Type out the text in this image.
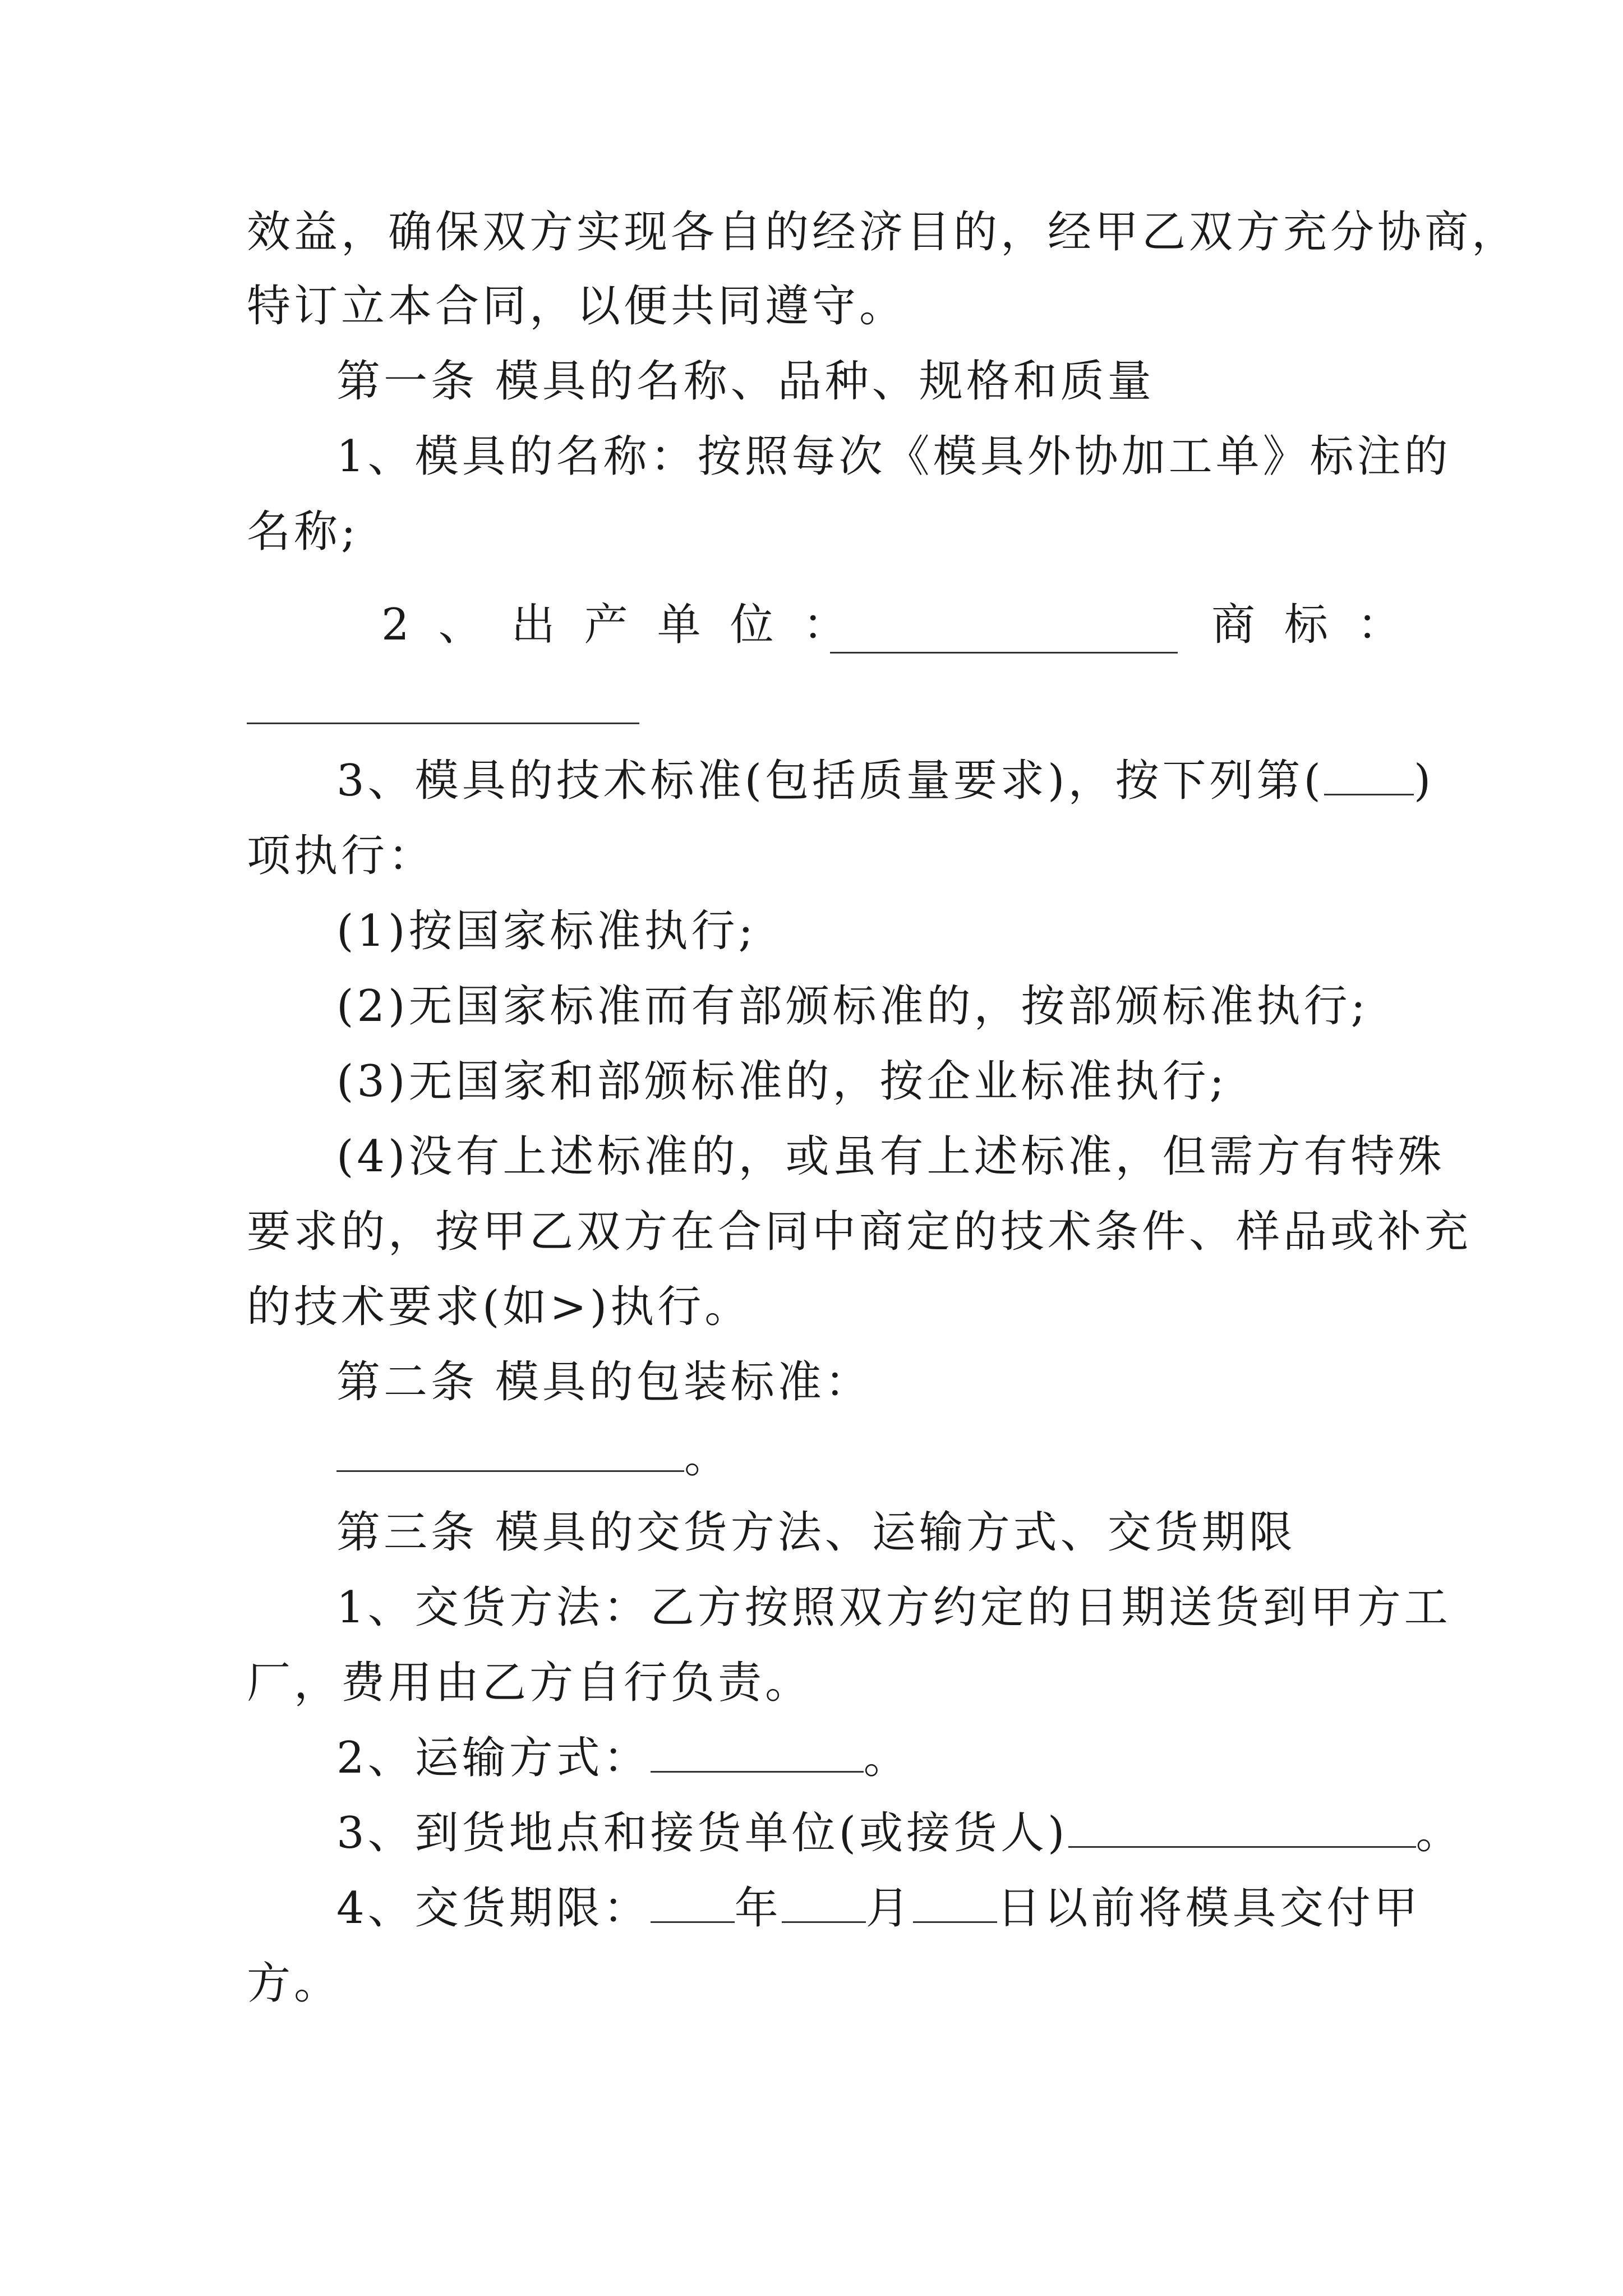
效益，确保双方实现各自的经济目的，经甲乙双方充分协商，
特订立本合同，以便共同遵守。
第一条 模具的名称、品种、规格和质量
1、模具的名称：按照每次《模具外协加工单》标注的
名称;
2、出产单位：	商标：
3、模具的技术标准(包括质量要求)，按下列第( )
项执行：
(1)按国家标准执行;
(2)无国家标准而有部颁标准的，按部颁标准执行;
(3)无国家和部颁标准的，按企业标准执行;
(4)没有上述标准的，或虽有上述标准，但需方有特殊
要求的，按甲乙双方在合同中商定的技术条件、样品或补充
的技术要求(如>)执行。
第二条 模具的包装标准：
。
第三条 模具的交货方法、运输方式、交货期限
1、交货方法：乙方按照双方约定的日期送货到甲方工
厂，费用由乙方自行负责。
2、运输方式：	。
3、到货地点和接货单位(或接货人)	。
4、交货期限： 年 月 日以前将模具交付甲
方。
